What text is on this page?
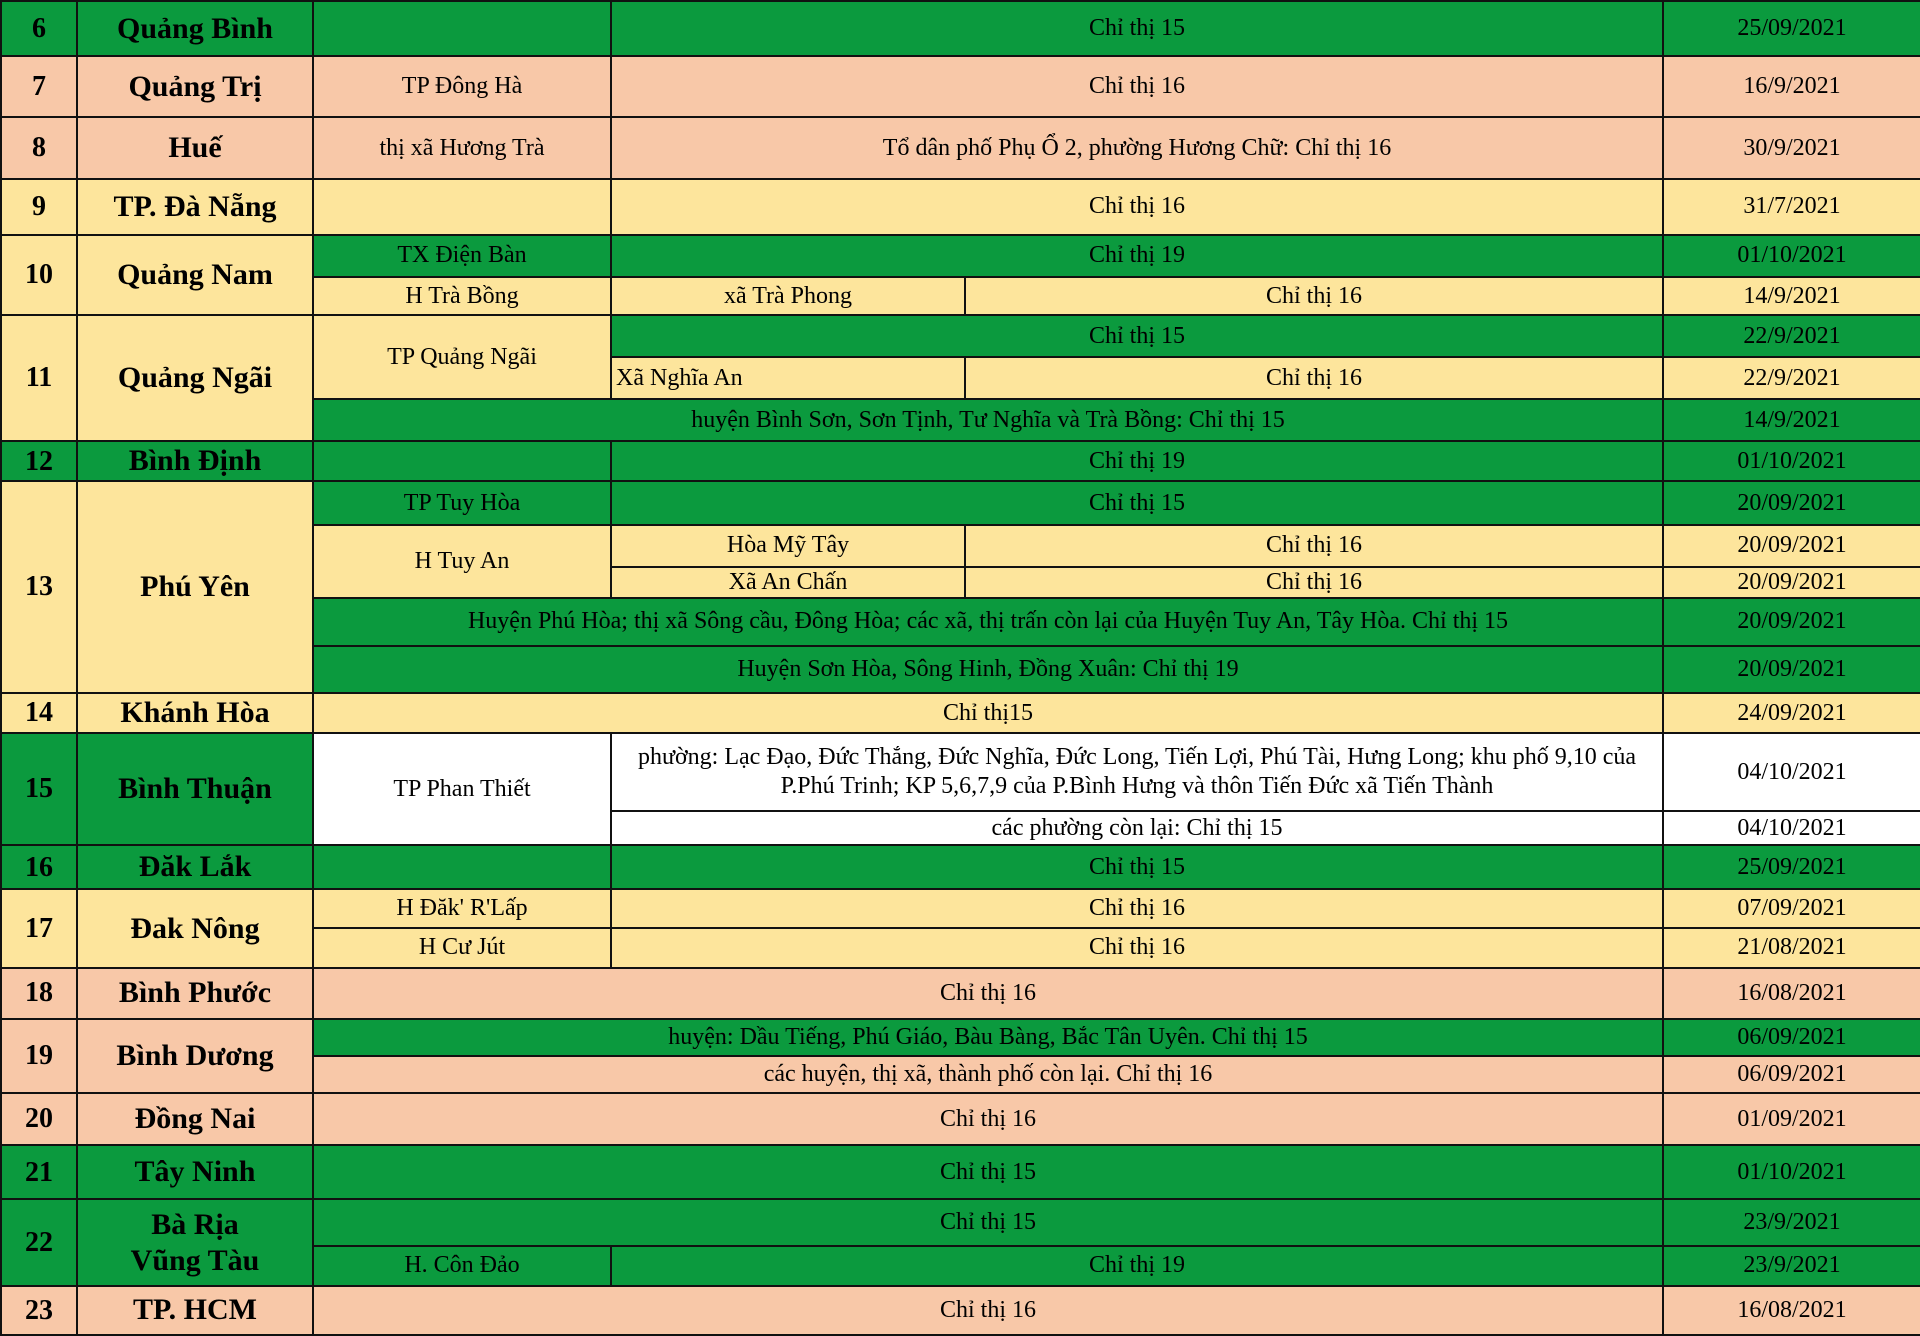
6	Quảng Bình		Chỉ thị 15		25/09/2021
7	Quảng Trị	TP Đông Hà	Chỉ thị 16		16/9/2021
8	Huế	thị xã Hương Trà	Tổ dân phố Phụ Ổ 2, phường Hương Chữ: Chỉ thị 16		30/9/2021
9	TP. Đà Nẵng		Chỉ thị 16		31/7/2021
10	Quảng Nam	TX Điện Bàn	Chỉ thị 19		01/10/2021
		H Trà Bồng	xã Trà Phong	Chỉ thị 16	14/9/2021
11	Quảng Ngãi	TP Quảng Ngãi	Chỉ thị 15		22/9/2021
			Xã Nghĩa An	Chỉ thị 16	22/9/2021
		huyện Bình Sơn, Sơn Tịnh, Tư Nghĩa và Trà Bồng: Chỉ thị 15			14/9/2021
12	Bình Định		Chỉ thị 19		01/10/2021
13	Phú Yên	TP Tuy Hòa	Chỉ thị 15		20/09/2021
		H Tuy An	Hòa Mỹ Tây	Chỉ thị 16	20/09/2021
			Xã An Chấn	Chỉ thị 16	20/09/2021
		Huyện Phú Hòa; thị xã Sông cầu, Đông Hòa; các xã, thị trấn còn lại của Huyện Tuy An, Tây Hòa. Chỉ thị 15			20/09/2021
		Huyện Sơn Hòa, Sông Hinh, Đồng Xuân: Chỉ thị 19			20/09/2021
14	Khánh Hòa	Chỉ thị15			24/09/2021
15	Bình Thuận	TP Phan Thiết	phường: Lạc Đạo, Đức Thắng, Đức Nghĩa, Đức Long, Tiến Lợi, Phú Tài, Hưng Long; khu phố 9,10 của P.Phú Trinh; KP 5,6,7,9 của P.Bình Hưng và thôn Tiến Đức xã Tiến Thành		04/10/2021
			các phường còn lại: Chỉ thị 15		04/10/2021
16	Đăk Lắk		Chỉ thị 15		25/09/2021
17	Đak Nông	H Đăk' R'Lấp	Chỉ thị 16		07/09/2021
		H Cư Jút	Chỉ thị 16		21/08/2021
18	Bình Phước	Chỉ thị 16			16/08/2021
19	Bình Dương	huyện: Dầu Tiếng, Phú Giáo, Bàu Bàng, Bắc Tân Uyên. Chỉ thị 15			06/09/2021
		các huyện, thị xã, thành phố còn lại. Chỉ thị 16			06/09/2021
20	Đồng Nai	Chỉ thị 16			01/09/2021
21	Tây Ninh	Chỉ thị 15			01/10/2021
22	Bà Rịa
Vũng Tàu	Chỉ thị 15			23/9/2021
		H. Côn Đảo	Chỉ thị 19		23/9/2021
23	TP. HCM	Chỉ thị 16			16/08/2021
